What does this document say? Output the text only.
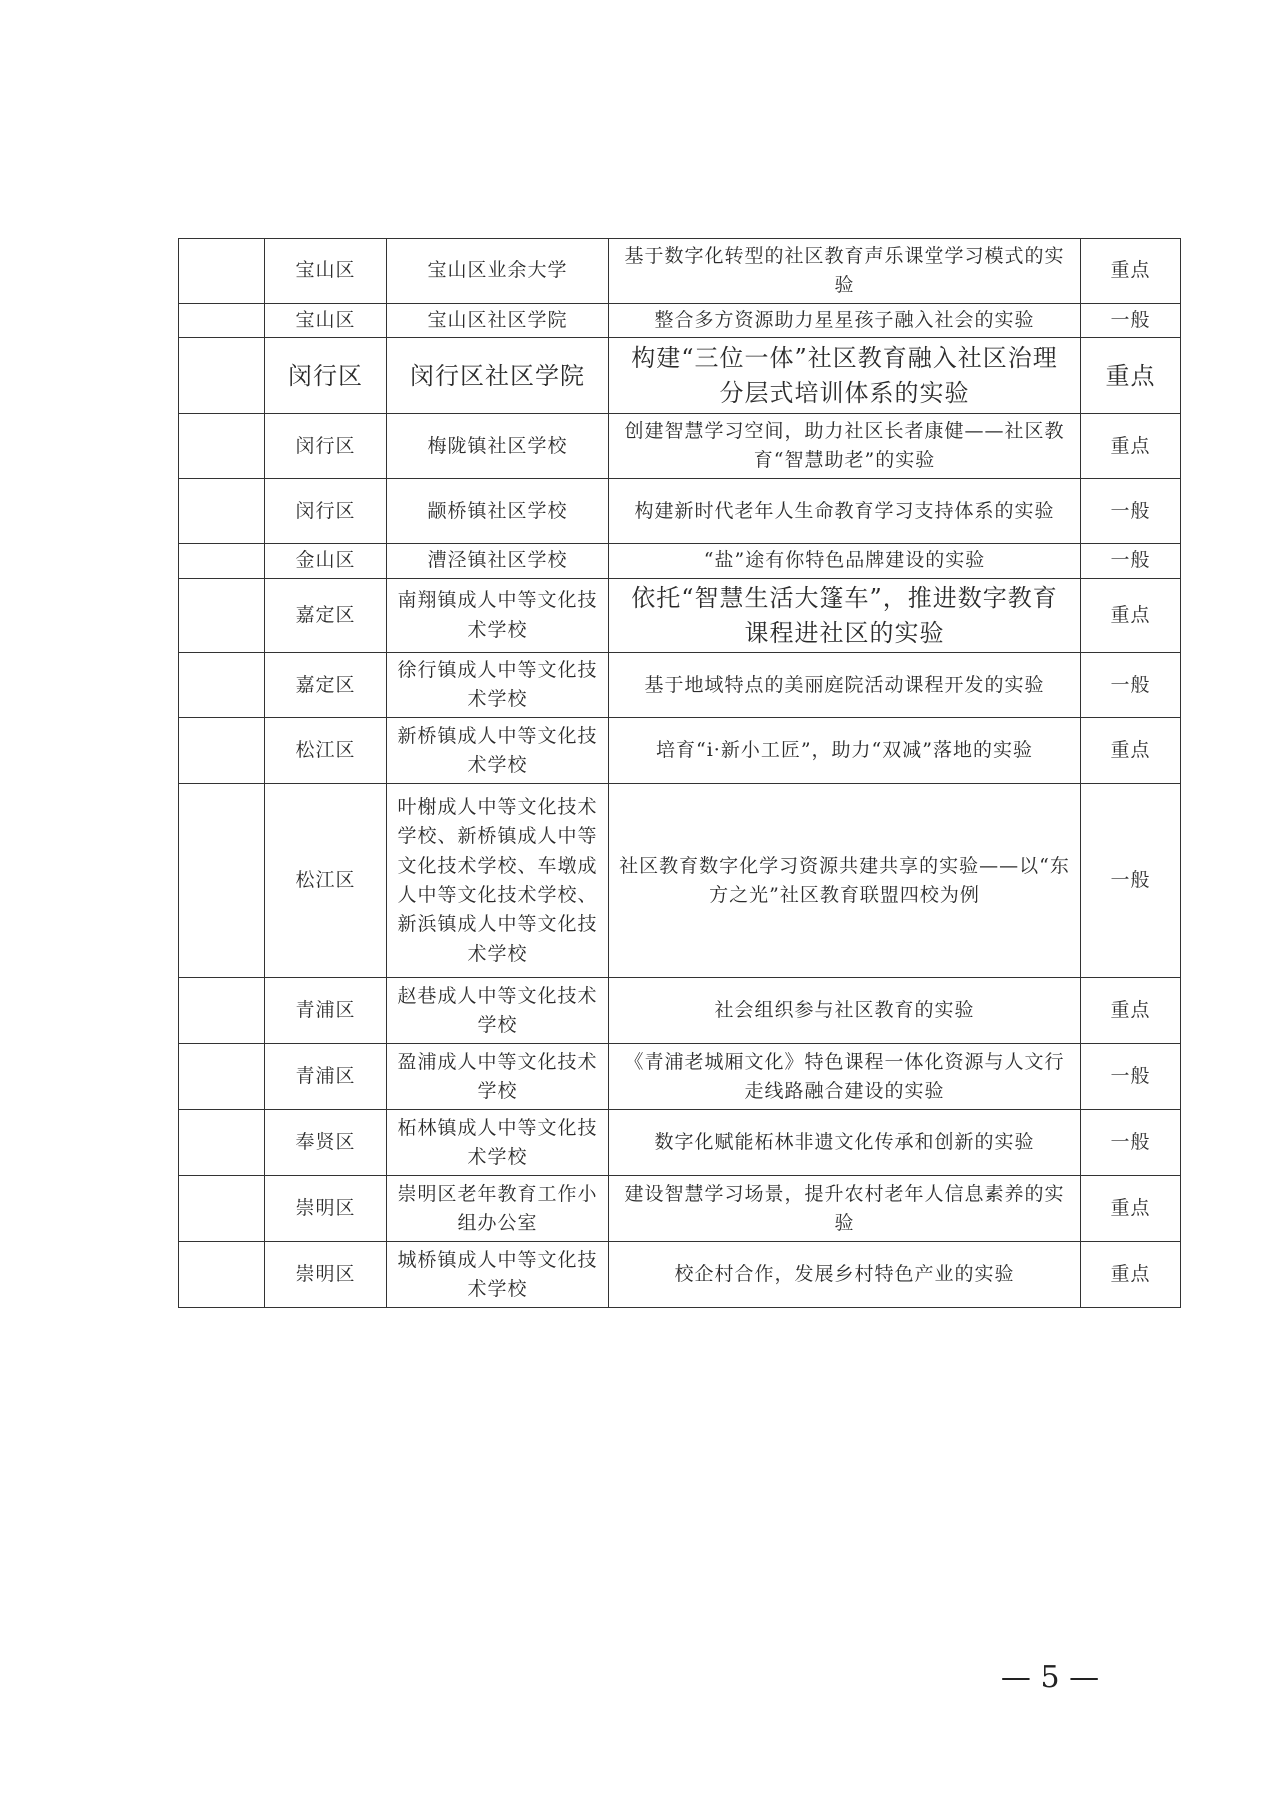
	宝山区	宝山区业余大学	基于数字化转型的社区教育声乐课堂学习模式的实验	重点
	宝山区	宝山区社区学院	整合多方资源助力星星孩子融入社会的实验	一般
	闵行区	闵行区社区学院	构建“三位一体”社区教育融入社区治理分层式培训体系的实验	重点
	闵行区	梅陇镇社区学校	创建智慧学习空间，助力社区长者康健——社区教育“智慧助老”的实验	重点
	闵行区	颛桥镇社区学校	构建新时代老年人生命教育学习支持体系的实验	一般
	金山区	漕泾镇社区学校	“盐”途有你特色品牌建设的实验	一般
	嘉定区	南翔镇成人中等文化技术学校	依托“智慧生活大篷车”，推进数字教育课程进社区的实验	重点
	嘉定区	徐行镇成人中等文化技术学校	基于地域特点的美丽庭院活动课程开发的实验	一般
	松江区	新桥镇成人中等文化技术学校	培育“i·新小工匠”，助力“双减”落地的实验	重点
	松江区	叶榭成人中等文化技术学校、新桥镇成人中等文化技术学校、车墩成人中等文化技术学校、新浜镇成人中等文化技术学校	社区教育数字化学习资源共建共享的实验——以“东方之光”社区教育联盟四校为例	一般
	青浦区	赵巷成人中等文化技术学校	社会组织参与社区教育的实验	重点
	青浦区	盈浦成人中等文化技术学校	《青浦老城厢文化》特色课程一体化资源与人文行走线路融合建设的实验	一般
	奉贤区	柘林镇成人中等文化技术学校	数字化赋能柘林非遗文化传承和创新的实验	一般
	崇明区	崇明区老年教育工作小组办公室	建设智慧学习场景，提升农村老年人信息素养的实验	重点
	崇明区	城桥镇成人中等文化技术学校	校企村合作，发展乡村特色产业的实验	重点
— 5 —
